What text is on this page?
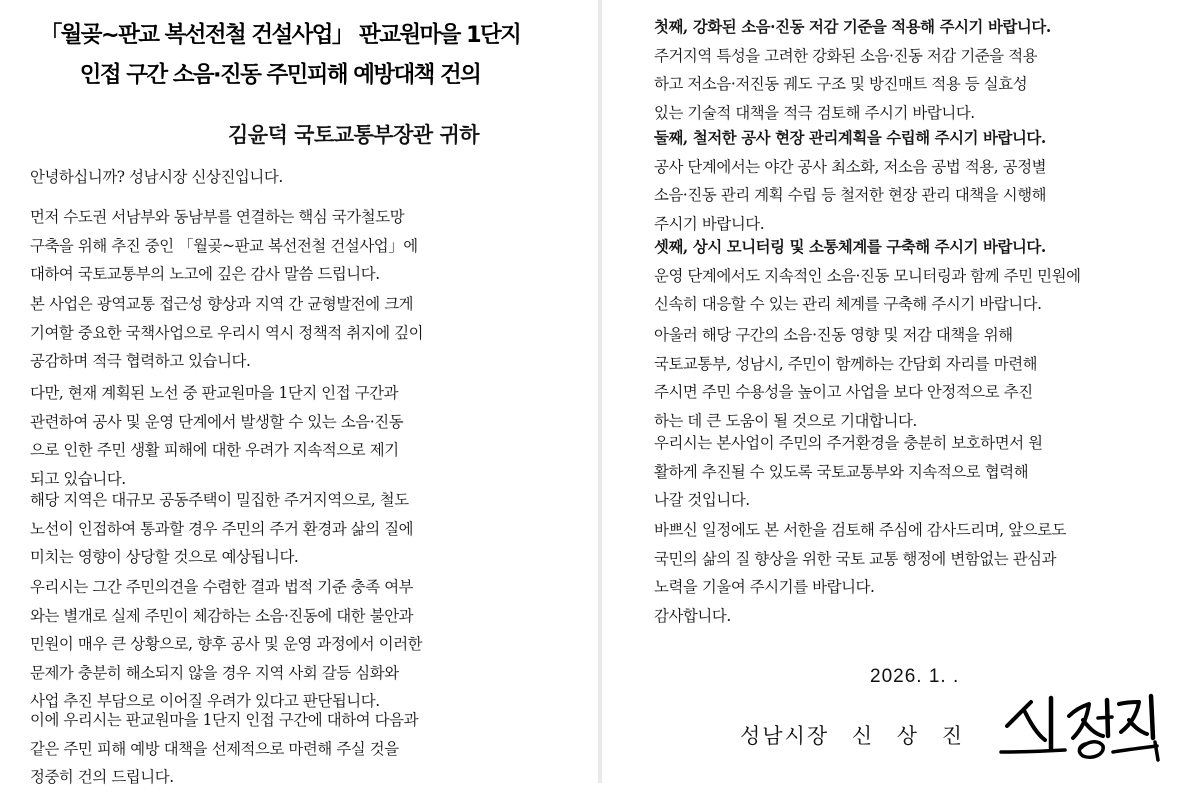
「월곶~판교 복선전철 건설사업」 판교원마을 1단지
인접 구간 소음·진동 주민피해 예방대책 건의
김윤덕 국토교통부장관 귀하

안녕하십니까? 성남시장 신상진입니다.

먼저 수도권 서남부와 동남부를 연결하는 핵심 국가철도망
구축을 위해 추진 중인 「월곶~판교 복선전철 건설사업」에
대하여 국토교통부의 노고에 깊은 감사 말씀 드립니다.

본 사업은 광역교통 접근성 향상과 지역 간 균형발전에 크게
기여할 중요한 국책사업으로 우리시 역시 정책적 취지에 깊이
공감하며 적극 협력하고 있습니다.

다만, 현재 계획된 노선 중 판교원마을 1단지 인접 구간과
관련하여 공사 및 운영 단계에서 발생할 수 있는 소음·진동
으로 인한 주민 생활 피해에 대한 우려가 지속적으로 제기
되고 있습니다.

해당 지역은 대규모 공동주택이 밀집한 주거지역으로, 철도
노선이 인접하여 통과할 경우 주민의 주거 환경과 삶의 질에
미치는 영향이 상당할 것으로 예상됩니다.

우리시는 그간 주민의견을 수렴한 결과 법적 기준 충족 여부
와는 별개로 실제 주민이 체감하는 소음·진동에 대한 불안과
민원이 매우 큰 상황으로, 향후 공사 및 운영 과정에서 이러한
문제가 충분히 해소되지 않을 경우 지역 사회 갈등 심화와
사업 추진 부담으로 이어질 우려가 있다고 판단됩니다.

이에 우리시는 판교원마을 1단지 인접 구간에 대하여 다음과
같은 주민 피해 예방 대책을 선제적으로 마련해 주실 것을
정중히 건의 드립니다.

첫째, 강화된 소음·진동 저감 기준을 적용해 주시기 바랍니다.
주거지역 특성을 고려한 강화된 소음·진동 저감 기준을 적용
하고 저소음·저진동 궤도 구조 및 방진매트 적용 등 실효성
있는 기술적 대책을 적극 검토해 주시기 바랍니다.

둘째, 철저한 공사 현장 관리계획을 수립해 주시기 바랍니다.
공사 단계에서는 야간 공사 최소화, 저소음 공법 적용, 공정별
소음·진동 관리 계획 수립 등 철저한 현장 관리 대책을 시행해
주시기 바랍니다.

셋째, 상시 모니터링 및 소통체계를 구축해 주시기 바랍니다.
운영 단계에서도 지속적인 소음·진동 모니터링과 함께 주민 민원에
신속히 대응할 수 있는 관리 체계를 구축해 주시기 바랍니다.

아울러 해당 구간의 소음·진동 영향 및 저감 대책을 위해
국토교통부, 성남시, 주민이 함께하는 간담회 자리를 마련해
주시면 주민 수용성을 높이고 사업을 보다 안정적으로 추진
하는 데 큰 도움이 될 것으로 기대합니다.

우리시는 본사업이 주민의 주거환경을 충분히 보호하면서 원
활하게 추진될 수 있도록 국토교통부와 지속적으로 협력해
나갈 것입니다.

바쁘신 일정에도 본 서한을 검토해 주심에 감사드리며, 앞으로도
국민의 삶의 질 향상을 위한 국토 교통 행정에 변함없는 관심과
노력을 기울여 주시기를 바랍니다.

감사합니다.

2026. 1. .
성남시장 신 상 진
